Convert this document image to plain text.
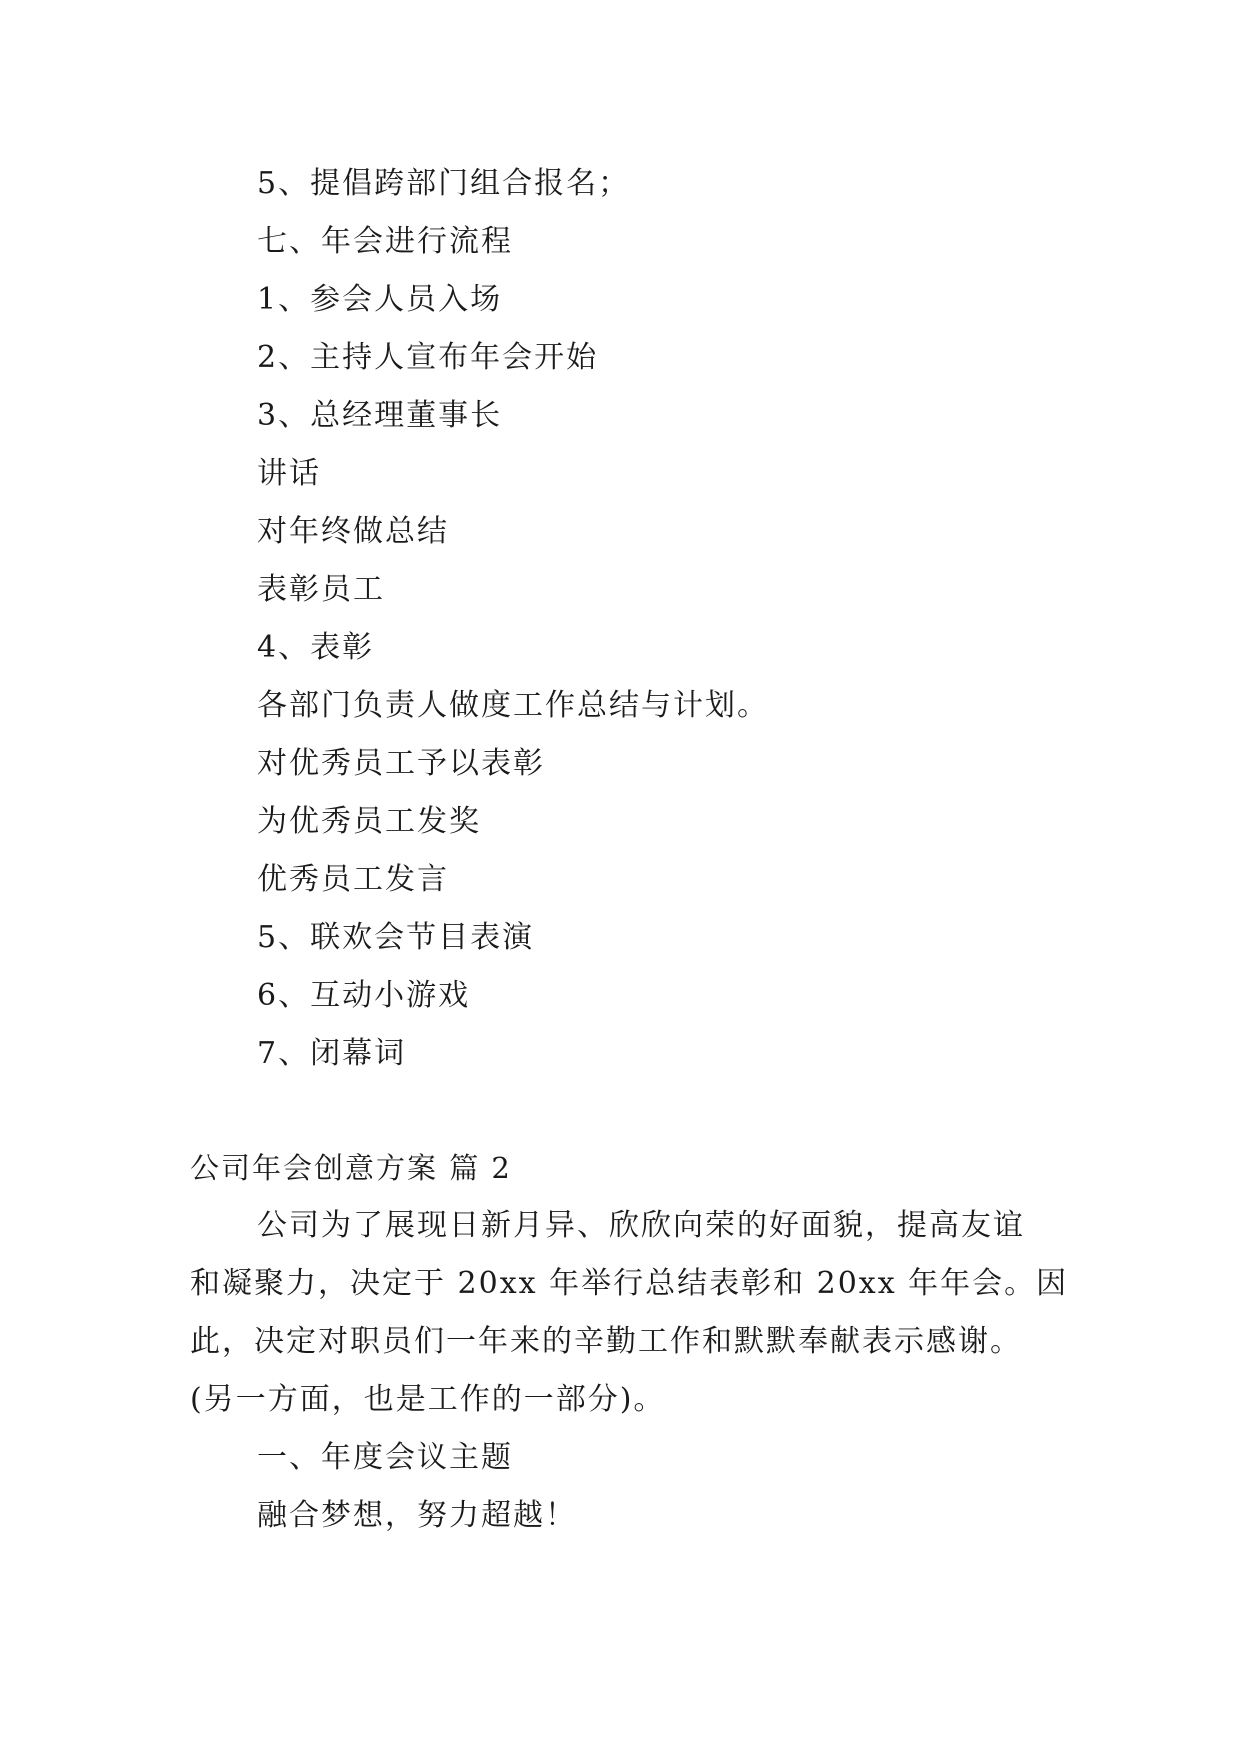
5、提倡跨部门组合报名；
七、年会进行流程
1、参会人员入场
2、主持人宣布年会开始
3、总经理董事长
讲话
对年终做总结
表彰员工
4、表彰
各部门负责人做度工作总结与计划。
对优秀员工予以表彰
为优秀员工发奖
优秀员工发言
5、联欢会节目表演
6、互动小游戏
7、闭幕词
公司年会创意方案 篇 2
公司为了展现日新月异、欣欣向荣的好面貌，提高友谊
和凝聚力，决定于 20xx 年举行总结表彰和 20xx 年年会。因
此，决定对职员们一年来的辛勤工作和默默奉献表示感谢。
(另一方面，也是工作的一部分)。
一、年度会议主题
融合梦想，努力超越！
